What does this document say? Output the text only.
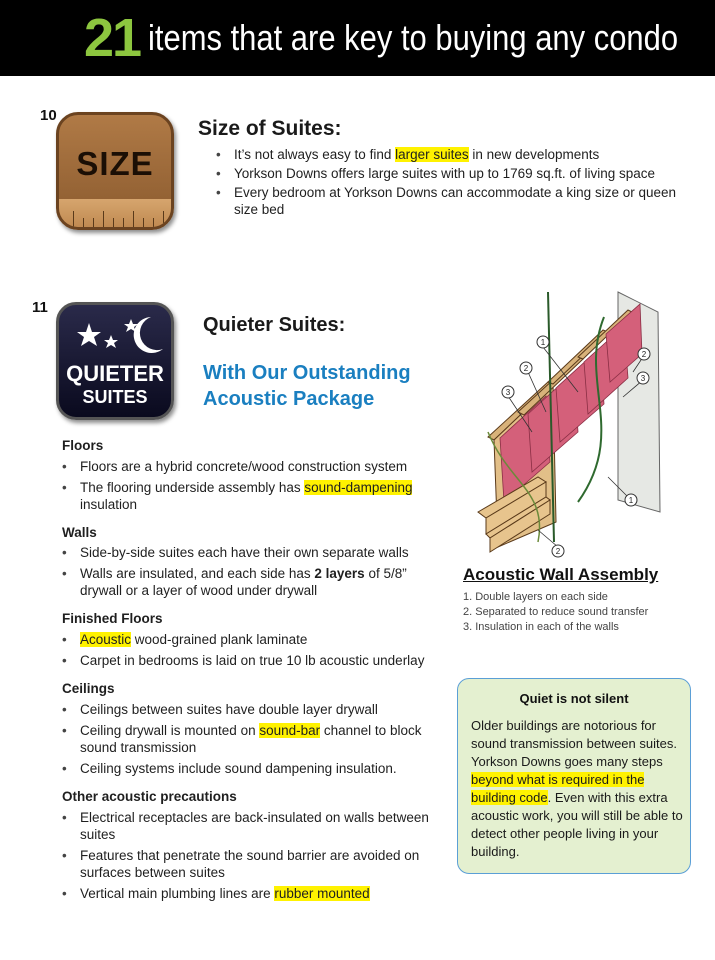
21 items that are key to buying any condo
10
SIZE
Size of Suites:
• It’s not always easy to find larger suites in new developments
• Yorkson Downs offers large suites with up to 1769 sq.ft. of living space
• Every bedroom at Yorkson Downs can accommodate a king size or queen size bed
11
QUIETER
SUITES
Quieter Suites:
With Our Outstanding
Acoustic Package
Floors
• Floors are a hybrid concrete/wood construction system
• The flooring underside assembly has sound-dampening insulation
Walls
• Side-by-side suites each have their own separate walls
• Walls are insulated, and each side has 2 layers of 5/8” drywall or a layer of wood under drywall
Finished Floors
• Acoustic wood-grained plank laminate
• Carpet in bedrooms is laid on true 10 lb acoustic underlay
Ceilings
• Ceilings between suites have double layer drywall
• Ceiling drywall is mounted on sound-bar channel to block sound transmission
• Ceiling systems include sound dampening insulation.
Other acoustic precautions
• Electrical receptacles are back-insulated on walls between suites
• Features that penetrate the sound barrier are avoided on surfaces between suites
• Vertical main plumbing lines are rubber mounted
1
2
3
2
3
1
2
Acoustic Wall Assembly
1. Double layers on each side
2. Separated to reduce sound transfer
3. Insulation in each of the walls
Quiet is not silent
Older buildings are notorious for sound transmission between suites. Yorkson Downs goes many steps beyond what is required in the building code. Even with this extra acoustic work, you will still be able to detect other people living in your building.
